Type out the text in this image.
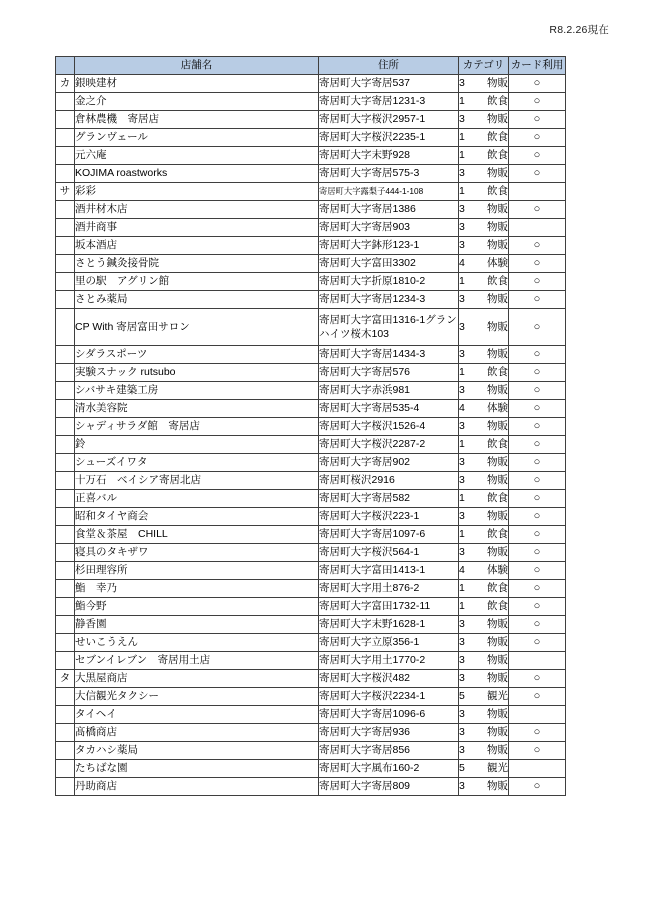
R8.2.26現在
	店舗名	住所	カテゴリ	カード利用
カ	銀映建材	寄居町大字寄居537	3 物販	○
	金之介	寄居町大字寄居1231-3	1 飲食	○
	倉林農機　寄居店	寄居町大字桜沢2957-1	3 物販	○
	グランヴェール	寄居町大字桜沢2235-1	1 飲食	○
	元六庵	寄居町大字末野928	1 飲食	○
	KOJIMA roastworks	寄居町大字寄居575-3	3 物販	○
サ	彩彩	寄居町大字露梨子444-1-108	1 飲食	

	酒井材木店	寄居町大字寄居1386	3 物販	○
	酒井商事	寄居町大字寄居903	3 物販	

	坂本酒店	寄居町大字鉢形123-1	3 物販	○
	さとう鍼灸接骨院	寄居町大字富田3302	4 体験	○
	里の駅　アグリン館	寄居町大字折原1810-2	1 飲食	○
	さとみ薬局	寄居町大字寄居1234-3	3 物販	○
	CP With 寄居富田サロン	寄居町大字富田1316-1グランハイツ桜木103	3 物販	○
	シダラスポーツ	寄居町大字寄居1434-3	3 物販	○
	実験スナック rutsubo	寄居町大字寄居576	1 飲食	○
	シバサキ建築工房	寄居町大字赤浜981	3 物販	○
	清水美容院	寄居町大字寄居535-4	4 体験	○
	シャディサラダ館　寄居店	寄居町大字桜沢1526-4	3 物販	○
	鈴	寄居町大字桜沢2287-2	1 飲食	○
	シューズイワタ	寄居町大字寄居902	3 物販	○
	十万石　ベイシア寄居北店	寄居町桜沢2916	3 物販	○
	正喜バル	寄居町大字寄居582	1 飲食	○
	昭和タイヤ商会	寄居町大字桜沢223-1	3 物販	○
	食堂＆茶屋　CHILL	寄居町大字寄居1097-6	1 飲食	○
	寝具のタキザワ	寄居町大字桜沢564-1	3 物販	○
	杉田理容所	寄居町大字富田1413-1	4 体験	○
	鮨　幸乃	寄居町大字用土876-2	1 飲食	○
	鮨今野	寄居町大字富田1732-11	1 飲食	○
	静香園	寄居町大字末野1628-1	3 物販	○
	せいこうえん	寄居町大字立原356-1	3 物販	○
	セブンイレブン　寄居用土店	寄居町大字用土1770-2	3 物販	

タ	大黒屋商店	寄居町大字桜沢482	3 物販	○
	大信観光タクシー	寄居町大字桜沢2234-1	5 観光	○
	タイヘイ	寄居町大字寄居1096-6	3 物販	

	髙橋商店	寄居町大字寄居936	3 物販	○
	タカハシ薬局	寄居町大字寄居856	3 物販	○
	たちばな園	寄居町大字風布160-2	5 観光	

	丹助商店	寄居町大字寄居809	3 物販	○
